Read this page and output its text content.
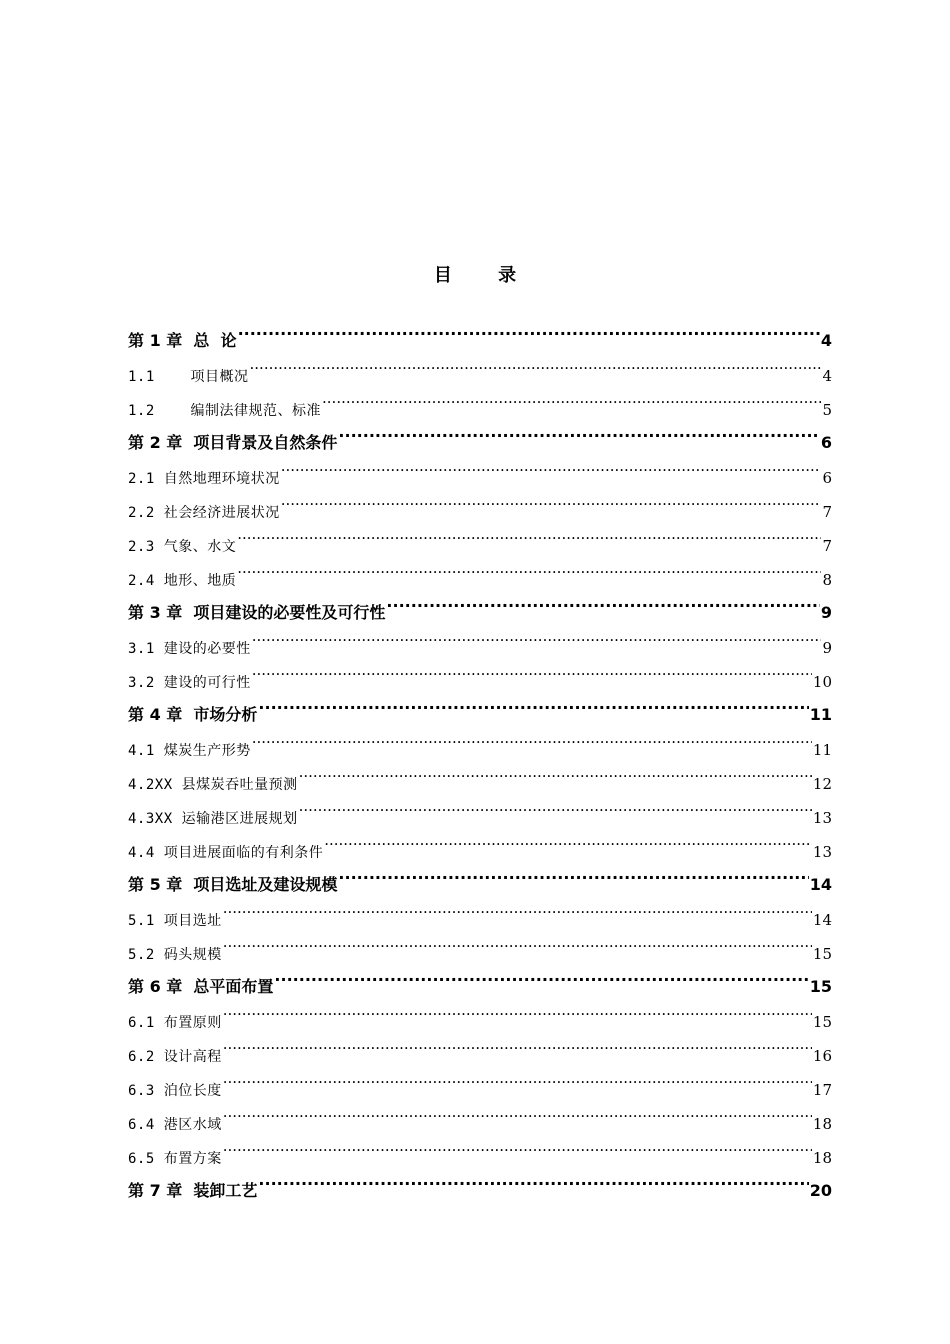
目 录
第 1 章  总  论 .....	4
1.1    项目概况 .....	4
1.2    编制法律规范、标准 .....	5
第 2 章  项目背景及自然条件 .....	6
2.1 自然地理环境状况 .....	6
2.2 社会经济进展状况 .....	7
2.3 气象、水文 .....	7
2.4 地形、地质 .....	8
第 3 章  项目建设的必要性及可行性 .....	9
3.1 建设的必要性 .....	9
3.2 建设的可行性 .....	10
第 4 章  市场分析 .....	11
4.1 煤炭生产形势 .....	11
4.2XX 县煤炭吞吐量预测 .....	12
4.3XX 运输港区进展规划 .....	13
4.4 项目进展面临的有利条件 .....	13
第 5 章  项目选址及建设规模 .....	14
5.1 项目选址 .....	14
5.2 码头规模 .....	15
第 6 章  总平面布置 .....	15
6.1 布置原则 .....	15
6.2 设计高程 .....	16
6.3 泊位长度 .....	17
6.4 港区水域 .....	18
6.5 布置方案 .....	18
第 7 章  装卸工艺 .....	20
